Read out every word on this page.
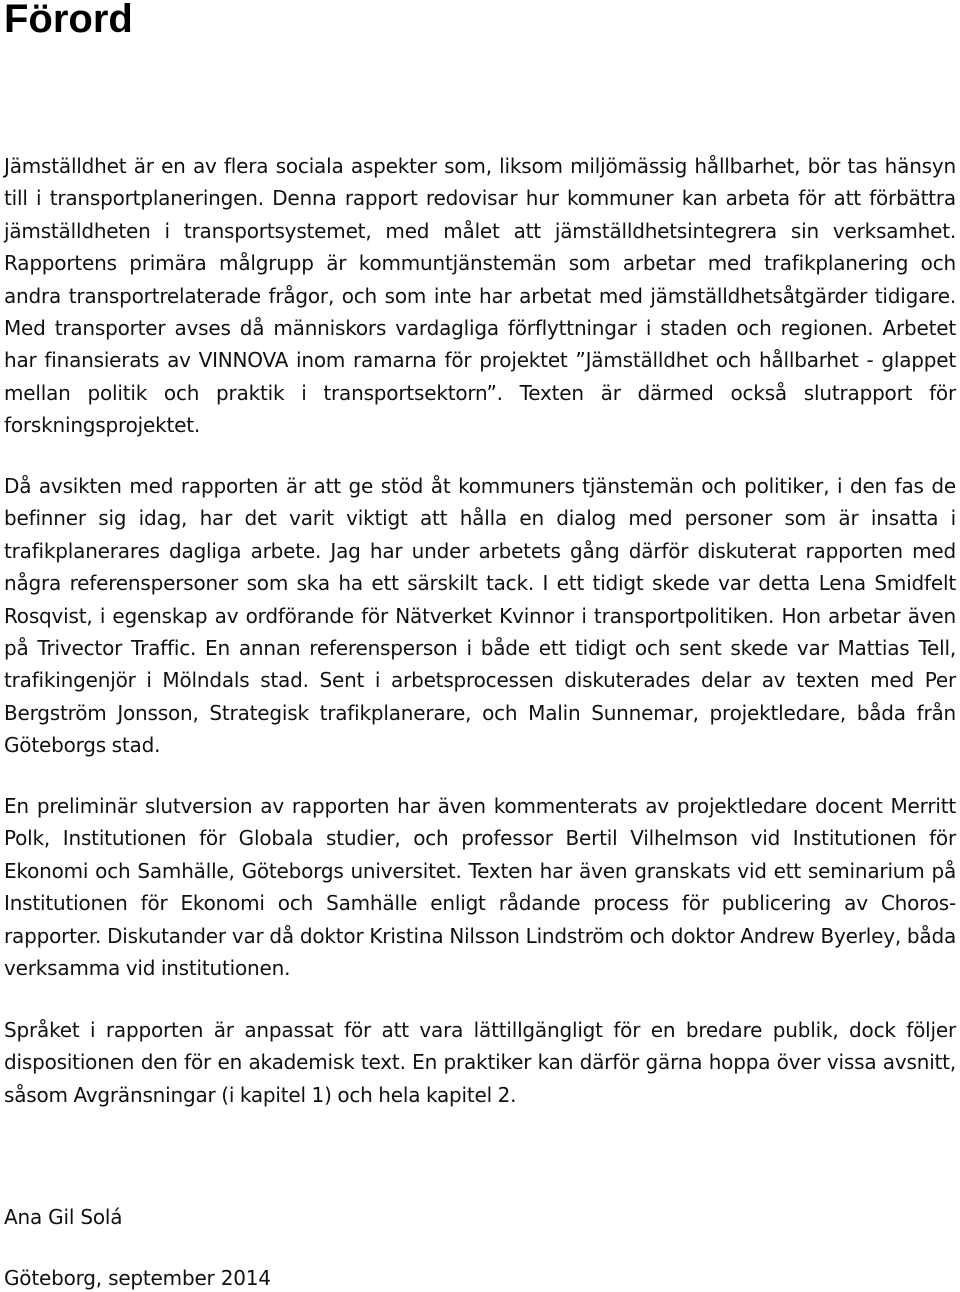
Förord

Jämställdhet är en av flera sociala aspekter som, liksom miljömässig hållbarhet, bör tas hänsyn till i transportplaneringen. Denna rapport redovisar hur kommuner kan arbeta för att förbättra jämställdheten i transportsystemet, med målet att jämställdhetsintegrera sin verksamhet. Rapportens primära målgrupp är kommuntjänstemän som arbetar med trafikplanering och andra transportrelaterade frågor, och som inte har arbetat med jämställdhetsåtgärder tidigare. Med transporter avses då människors vardagliga förflyttningar i staden och regionen. Arbetet har finansierats av VINNOVA inom ramarna för projektet ”Jämställdhet och hållbarhet - glappet mellan politik och praktik i transportsektorn”. Texten är därmed också slutrapport för forskningsprojektet.

Då avsikten med rapporten är att ge stöd åt kommuners tjänstemän och politiker, i den fas de befinner sig idag, har det varit viktigt att hålla en dialog med personer som är insatta i trafikplanerares dagliga arbete. Jag har under arbetets gång därför diskuterat rapporten med några referenspersoner som ska ha ett särskilt tack. I ett tidigt skede var detta Lena Smidfelt Rosqvist, i egenskap av ordförande för Nätverket Kvinnor i transportpolitiken. Hon arbetar även på Trivector Traffic. En annan referensperson i både ett tidigt och sent skede var Mattias Tell, trafikingenjör i Mölndals stad. Sent i arbetsprocessen diskuterades delar av texten med Per Bergström Jonsson, Strategisk trafikplanerare, och Malin Sunnemar, projektledare, båda från Göteborgs stad.

En preliminär slutversion av rapporten har även kommenterats av projektledare docent Merritt Polk, Institutionen för Globala studier, och professor Bertil Vilhelmson vid Institutionen för Ekonomi och Samhälle, Göteborgs universitet. Texten har även granskats vid ett seminarium på Institutionen för Ekonomi och Samhälle enligt rådande process för publicering av Choros-rapporter. Diskutander var då doktor Kristina Nilsson Lindström och doktor Andrew Byerley, båda verksamma vid institutionen.

Språket i rapporten är anpassat för att vara lättillgängligt för en bredare publik, dock följer dispositionen den för en akademisk text. En praktiker kan därför gärna hoppa över vissa avsnitt, såsom Avgränsningar (i kapitel 1) och hela kapitel 2.

Ana Gil Solá

Göteborg, september 2014
